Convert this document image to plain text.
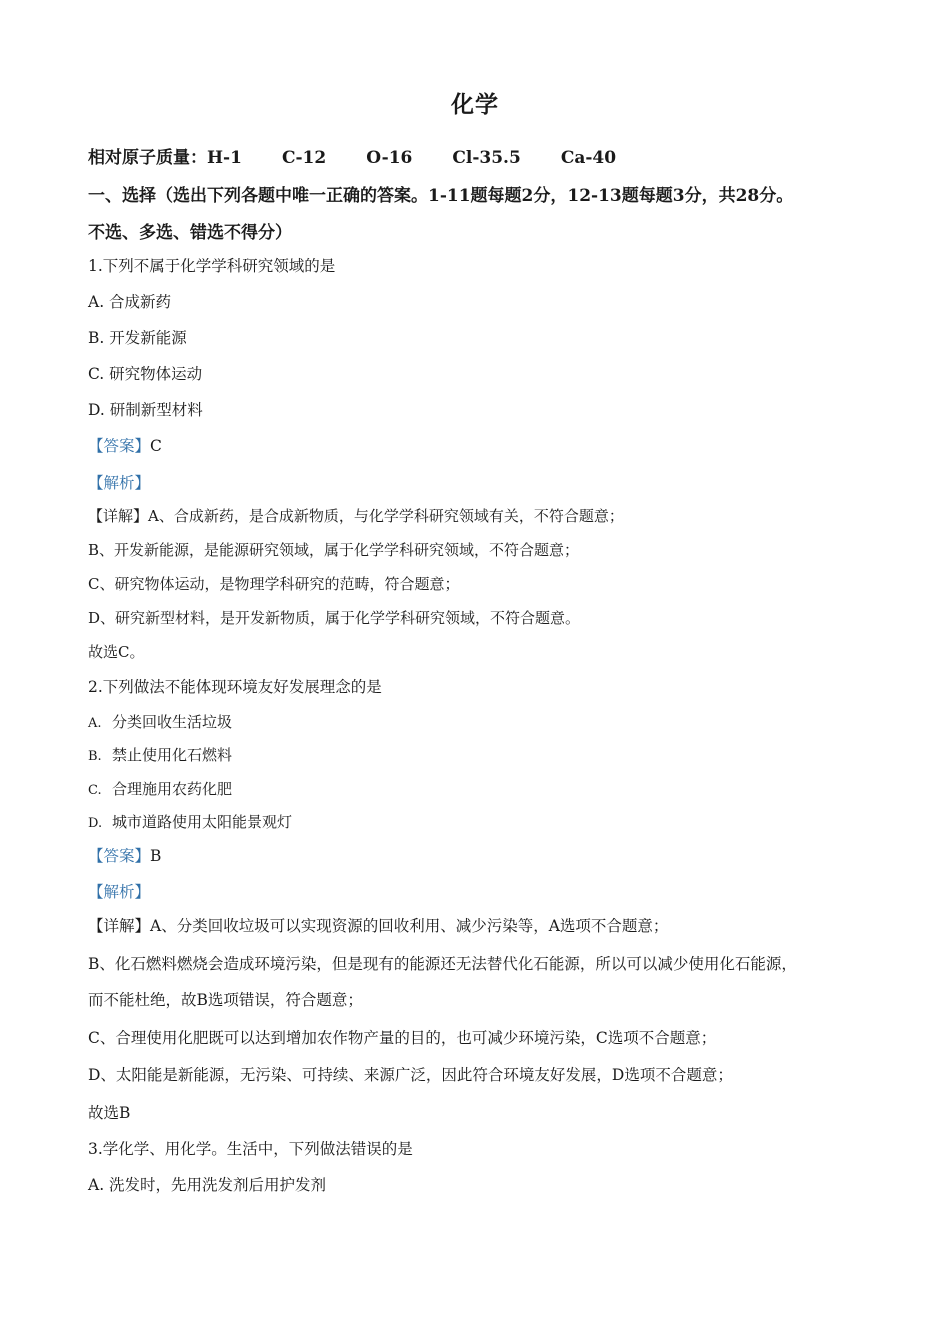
化学
相对原子质量：H-1 C-12 O-16 Cl-35.5 Ca-40
一、选择（选出下列各题中唯一正确的答案。1-11题每题2分，12-13题每题3分，共28分。
不选、多选、错选不得分）
1.下列不属于化学学科研究领域的是
A. 合成新药
B. 开发新能源
C. 研究物体运动
D. 研制新型材料
【答案】C
【解析】
【详解】A、合成新药，是合成新物质，与化学学科研究领域有关，不符合题意；
B、开发新能源，是能源研究领域，属于化学学科研究领域，不符合题意；
C、研究物体运动，是物理学科研究的范畴，符合题意；
D、研究新型材料，是开发新物质，属于化学学科研究领域，不符合题意。
故选C。
2.下列做法不能体现环境友好发展理念的是
A. 分类回收生活垃圾
B. 禁止使用化石燃料
C. 合理施用农药化肥
D. 城市道路使用太阳能景观灯
【答案】B
【解析】
【详解】A、分类回收垃圾可以实现资源的回收利用、减少污染等，A选项不合题意；
B、化石燃料燃烧会造成环境污染，但是现有的能源还无法替代化石能源，所以可以减少使用化石能源，
而不能杜绝，故B选项错误，符合题意；
C、合理使用化肥既可以达到增加农作物产量的目的，也可减少环境污染，C选项不合题意；
D、太阳能是新能源，无污染、可持续、来源广泛，因此符合环境友好发展，D选项不合题意；
故选B
3.学化学、用化学。生活中，下列做法错误的是
A. 洗发时，先用洗发剂后用护发剂
